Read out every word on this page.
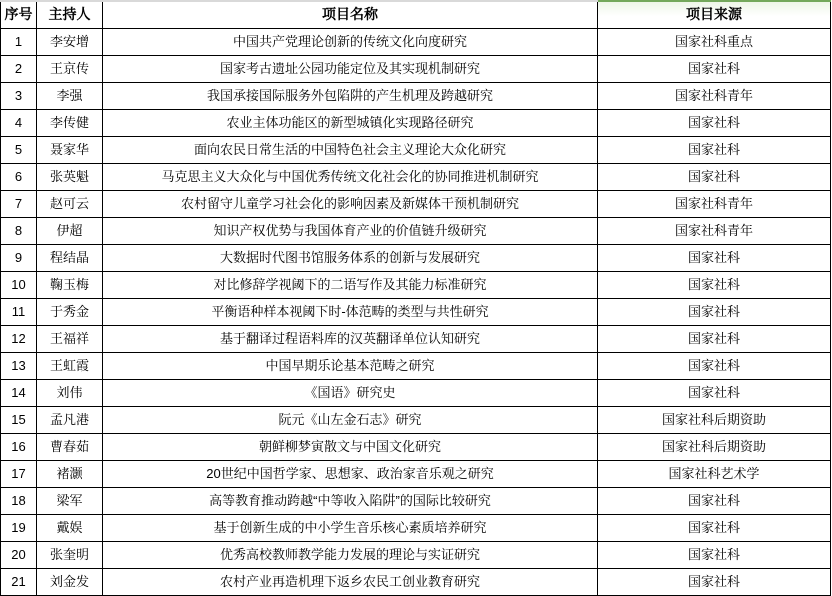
序号	主持人	项目名称	项目来源
1	李安增	中国共产党理论创新的传统文化向度研究	国家社科重点
2	王京传	国家考古遗址公园功能定位及其实现机制研究	国家社科
3	李强	我国承接国际服务外包陷阱的产生机理及跨越研究	国家社科青年
4	李传健	农业主体功能区的新型城镇化实现路径研究	国家社科
5	聂家华	面向农民日常生活的中国特色社会主义理论大众化研究	国家社科
6	张英魁	马克思主义大众化与中国优秀传统文化社会化的协同推进机制研究	国家社科
7	赵可云	农村留守儿童学习社会化的影响因素及新媒体干预机制研究	国家社科青年
8	伊超	知识产权优势与我国体育产业的价值链升级研究	国家社科青年
9	程结晶	大数据时代图书馆服务体系的创新与发展研究	国家社科
10	鞠玉梅	对比修辞学视阈下的二语写作及其能力标准研究	国家社科
11	于秀金	平衡语种样本视阈下时-体范畴的类型与共性研究	国家社科
12	王福祥	基于翻译过程语料库的汉英翻译单位认知研究	国家社科
13	王虹霞	中国早期乐论基本范畴之研究	国家社科
14	刘伟	《国语》研究史	国家社科
15	孟凡港	阮元《山左金石志》研究	国家社科后期资助
16	曹春茹	朝鲜柳梦寅散文与中国文化研究	国家社科后期资助
17	褚灏	20世纪中国哲学家、思想家、政治家音乐观之研究	国家社科艺术学
18	梁军	高等教育推动跨越“中等收入陷阱”的国际比较研究	国家社科
19	戴娱	基于创新生成的中小学生音乐核心素质培养研究	国家社科
20	张奎明	优秀高校教师教学能力发展的理论与实证研究	国家社科
21	刘金发	农村产业再造机理下返乡农民工创业教育研究	国家社科
